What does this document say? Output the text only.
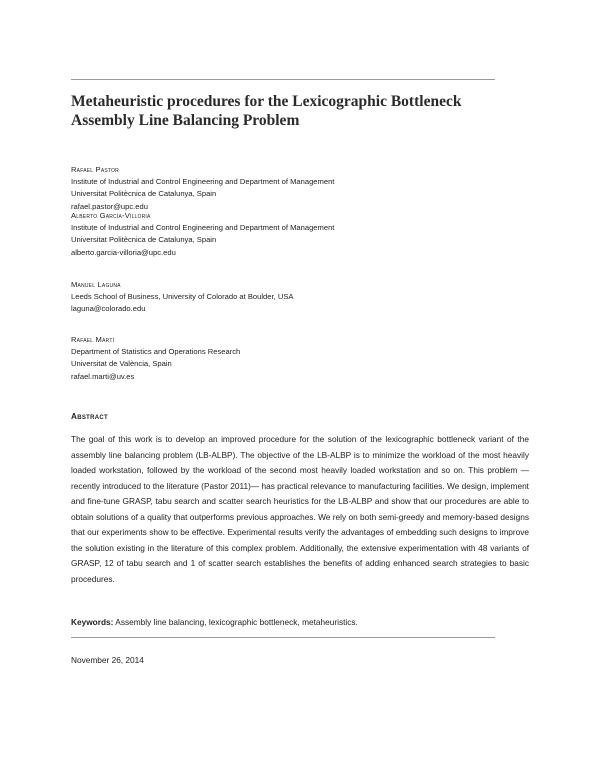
Metaheuristic procedures for the Lexicographic Bottleneck Assembly Line Balancing Problem
Rafael Pastor
Institute of Industrial and Control Engineering and Department of Management
Universitat Politècnica de Catalunya, Spain
rafael.pastor@upc.edu
Alberto García-Villoria
Institute of Industrial and Control Engineering and Department of Management
Universitat Politècnica de Catalunya, Spain
alberto.garcia-villoria@upc.edu
Manuel Laguna
Leeds School of Business, University of Colorado at Boulder, USA
laguna@colorado.edu
Rafael Martí
Department of Statistics and Operations Research
Universitat de València, Spain
rafael.marti@uv.es
Abstract

The goal of this work is to develop an improved procedure for the solution of the lexicographic bottleneck variant of the assembly line balancing problem (LB-ALBP). The objective of the LB-ALBP is to minimize the workload of the most heavily loaded workstation, followed by the workload of the second most heavily loaded workstation and so on. This problem —recently introduced to the literature (Pastor 2011)— has practical relevance to manufacturing facilities. We design, implement and fine-tune GRASP, tabu search and scatter search heuristics for the LB-ALBP and show that our procedures are able to obtain solutions of a quality that outperforms previous approaches. We rely on both semi-greedy and memory-based designs that our experiments show to be effective. Experimental results verify the advantages of embedding such designs to improve the solution existing in the literature of this complex problem. Additionally, the extensive experimentation with 48 variants of GRASP, 12 of tabu search and 1 of scatter search establishes the benefits of adding enhanced search strategies to basic procedures.

Keywords: Assembly line balancing, lexicographic bottleneck, metaheuristics.
November 26, 2014
